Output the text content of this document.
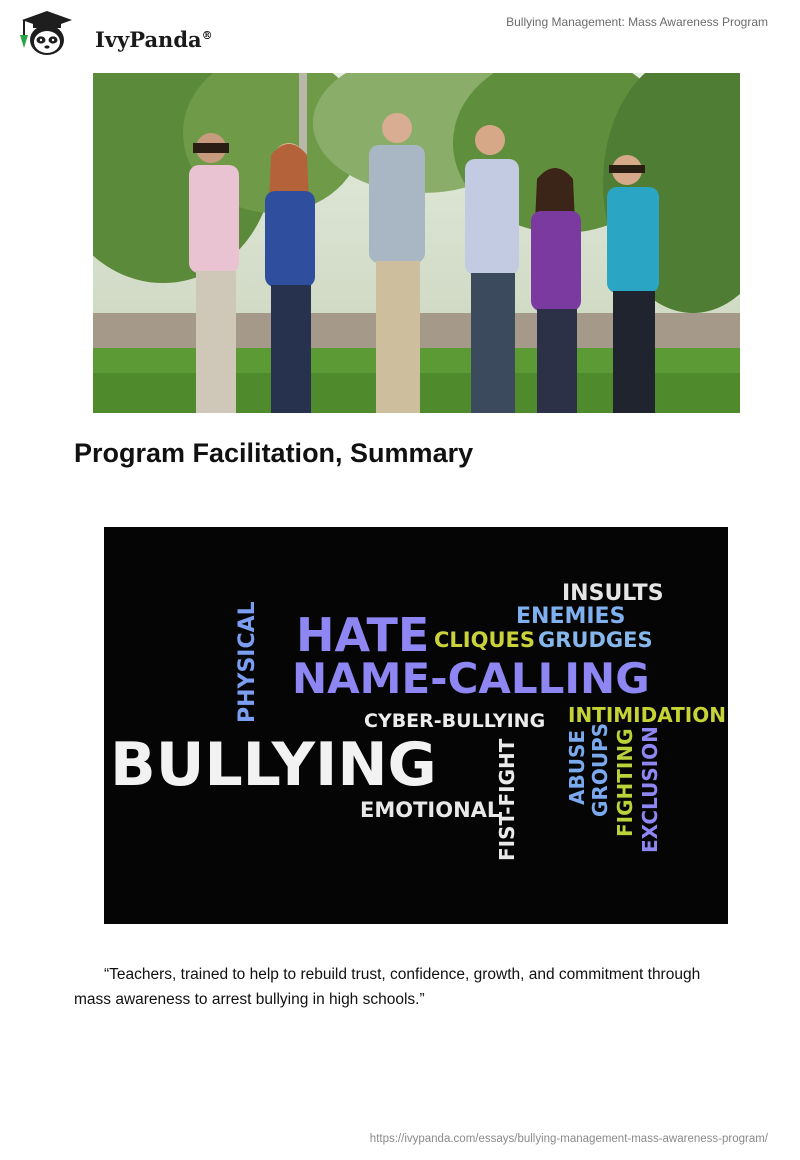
IvyPanda®
Bullying Management: Mass Awareness Program
Program Facilitation, Summary
INSULTS
ENEMIES
HATE CLIQUES GRUDGES
PHYSICAL NAME-CALLING
CYBER-BULLYING INTIMIDATION
BULLYING	FIST-FIGHT ABUSE GROUPS FIGHTING EXCLUSION
EMOTIONAL

“Teachers, trained to help to rebuild trust, confidence, growth, and commitment through mass awareness to arrest bullying in high schools.”

https://ivypanda.com/essays/bullying-management-mass-awareness-program/
